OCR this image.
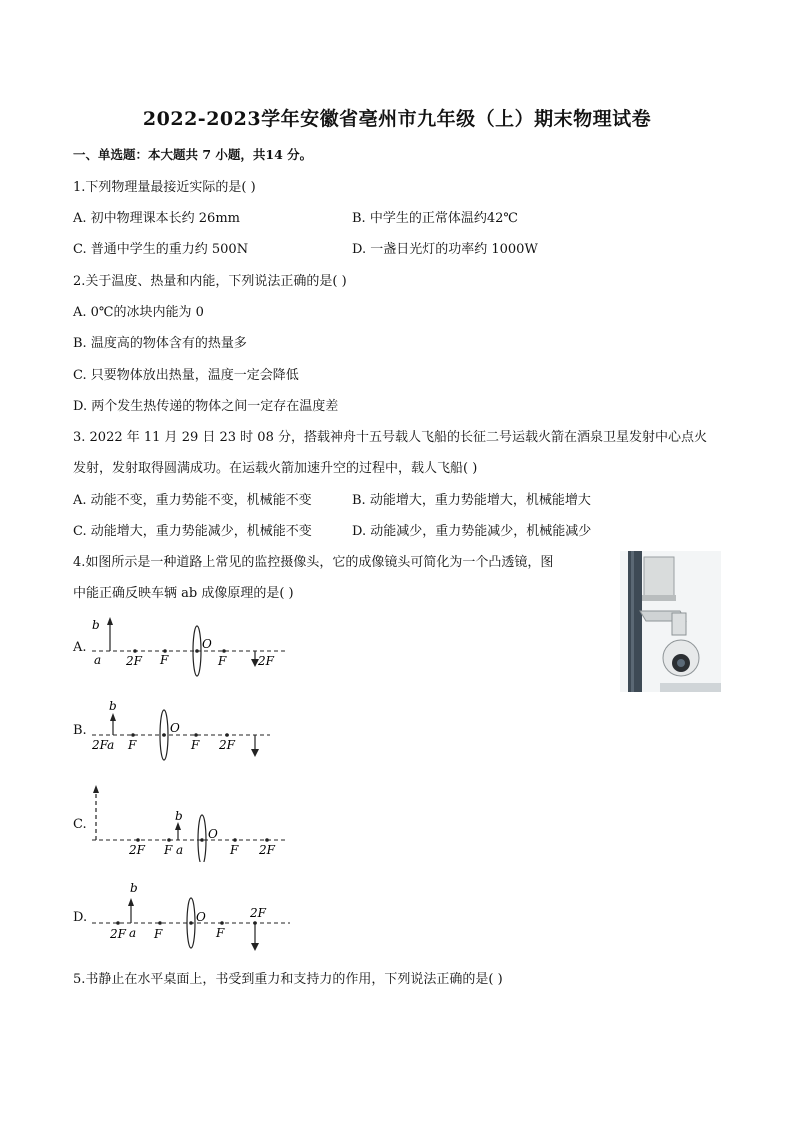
2022-2023学年安徽省亳州市九年级（上）期末物理试卷
一、单选题：本大题共 7 小题，共14 分。
1.下列物理量最接近实际的是( )
A. 初中物理课本长约 26mm	B. 中学生的正常体温约42℃
C. 普通中学生的重力约 500N	D. 一盏日光灯的功率约 1000W
2.关于温度、热量和内能，下列说法正确的是( )
A. 0℃的冰块内能为 0
B. 温度高的物体含有的热量多
C. 只要物体放出热量，温度一定会降低
D. 两个发生热传递的物体之间一定存在温度差
3. 2022 年 11 月 29 日 23 时 08 分，搭载神舟十五号载人飞船的长征二号运载火箭在酒泉卫星发射中心点火
发射，发射取得圆满成功。在运载火箭加速升空的过程中，载人飞船( )
A. 动能不变，重力势能不变，机械能不变	B. 动能增大，重力势能增大，机械能增大
C. 动能增大，重力势能减少，机械能不变	D. 动能减少，重力势能减少，机械能减少
4.如图所示是一种道路上常见的监控摄像头，它的成像镜头可简化为一个凸透镜，图
中能正确反映车辆 ab 成像原理的是( )
A.
b
a 2F F
O
F	2F
B.
b
2Fa F
O
F 2F
C.
2F F
b
a
O
F 2F
D.
2F
b
a F
O
F
2F
5.书静止在水平桌面上，书受到重力和支持力的作用，下列说法正确的是( )
